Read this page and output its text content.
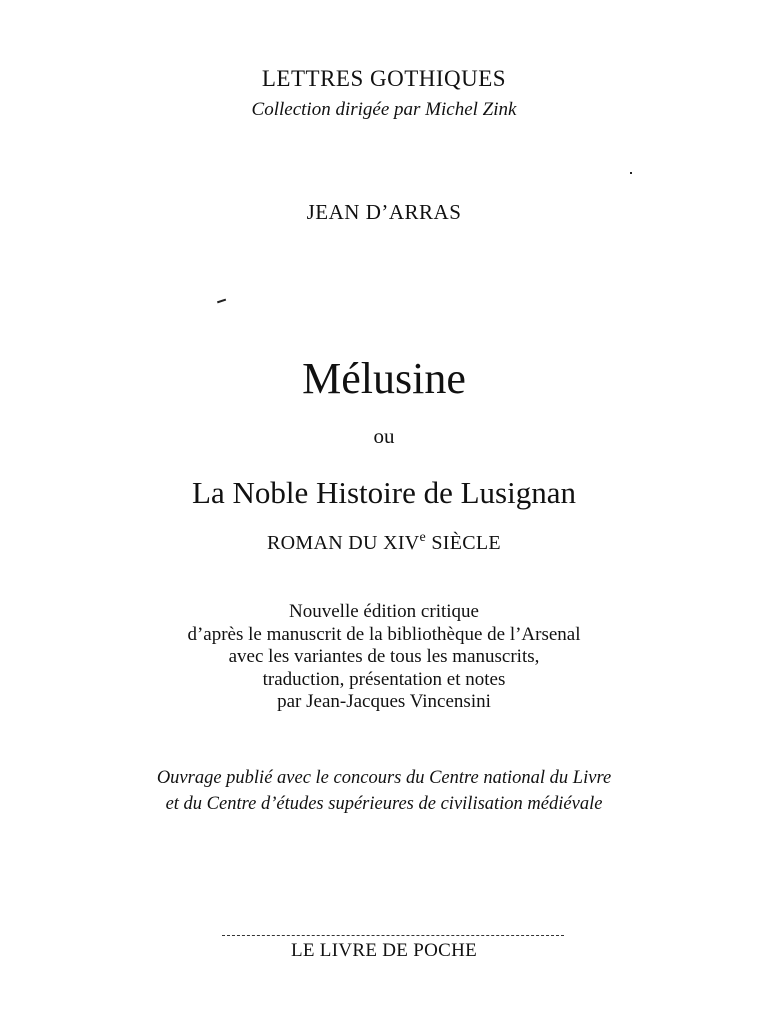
LETTRES GOTHIQUES
Collection dirigée par Michel Zink
JEAN D’ARRAS
Mélusine
ou
La Noble Histoire de Lusignan
ROMAN DU XIVe SIÈCLE
Nouvelle édition critique
d’après le manuscrit de la bibliothèque de l’Arsenal
avec les variantes de tous les manuscrits,
traduction, présentation et notes
par Jean-Jacques Vincensini
Ouvrage publié avec le concours du Centre national du Livre
et du Centre d’études supérieures de civilisation médiévale
LE LIVRE DE POCHE
